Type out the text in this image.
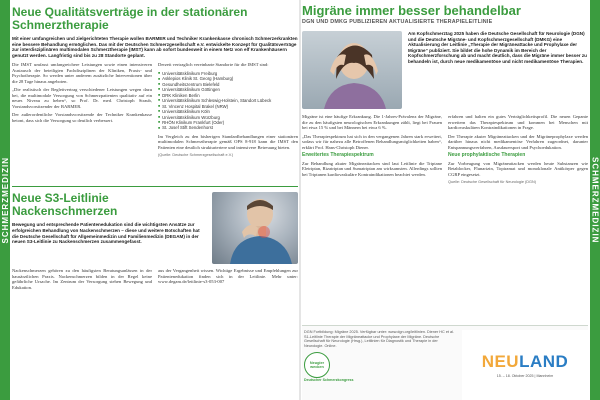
SCHMERZMEDIZIN	SCHMERZMEDIZIN
Neue Qualitätsverträge in der stationären Schmerztherapie
Mit einer umfangreichen und zielgerichteten Therapie wollen BARMER und Techniker Krankenkasse chronisch Schmerzerkrankten eine bessere Behandlung ermöglichen. Das mit der Deutschen Schmerzgesellschaft e.V. entwickelte Konzept für Qualitätsverträge zur interdisziplinären multimodalen Schmerztherapie (IMST) kann ab sofort bundesweit in einem Netz von elf Krankenhäusern genutzt werden. Langfristig sind bis zu 28 Standorte geplant.

Die IMST umfasst umfangreichere Leistungen sowie einen intensiveren Austausch der beteiligten Fachdisziplinen der Kliniken, Praxis- und Psychotherapie. So werden unter anderem zusätzliche Interventionen über die 28 Tage hinaus angeboten.

„Die realistisch der Begleitvertrag verschiedener Leistungen wegen dazu bei, die multimodale Versorgung von Schmerzpatienten qualitativ auf ein neues Niveau zu heben“, so Prof. Dr. med. Christoph Straub, Vorstandsvorsitzender der BARMER.

Der außerordentliche Vorstandsvorsitzende der Techniker Krankenkasse betont, dass sich die Versorgung so deutlich verbessert.

Derzeit vertraglich vereinbarte Standorte für die IMST sind:

■ Universitätsklinikum Freiburg
■ Asklepios Klinik St. Georg (Hamburg)
■ Gesundheitszentrum Bielefeld
■ Universitätsklinikum Göttingen
■ DRK Kliniken Berlin
■ Universitätsklinikum Schleswig-Holstein, Standort Lübeck
■ St. Vincenz Hospital Brakel (NRW)
■ Universitätsklinikum Köln
■ Universitätsklinikum Würzburg
■ RHÖN Klinikum Frankfurt (Oder)
■ St. Josef Stift Sendenhorst

Im Vergleich zu den bisherigen Standardbehandlungen einer stationären multimodalen Schmerztherapie gemäß OPS 8-918 kann die IMST den Patienten eine deutlich strukturiertere und intensivere Betreuung bieten.

(Quelle: Deutsche Schmerzgesellschaft e.V.)
Neue S3-Leitlinie Nackenschmerzen
Bewegung und entsprechende Patientenedukation sind die wichtigsten Ansätze zur erfolgreichen Behandlung von Nackenschmerzen – diese und weitere Botschaften hat die Deutsche Gesellschaft für Allgemeinmedizin und Familienmedizin (DEGAM) in der neuen S3-Leitlinie zu Nackenschmerzen zusammengefasst.

Nackenschmerzen gehören zu den häufigsten Beratungsanlässen in der hausärztlichen Praxis. Nackenschmerzen bilden in der Regel keine gefährliche Ursache. Im Zentrum der Versorgung stehen Bewegung und Edukation.

aus der Vergangenheit wissen. Wichtige Ergebnisse und Empfehlungen zur Patientenedukation finden sich in der Leitlinie. Mehr unter: www.degam.de/leitlinie-s3-053-007

Migräne immer besser behandelbar
DGN UND DMKG PUBLIZIEREN AKTUALISIERTE THERAPIELEITLINIE
Am Kopfschmerztag 2025 haben die Deutsche Gesellschaft für Neurologie (DGN) und die Deutsche Migräne- und Kopfschmerzgesellschaft (DMKG) eine Aktualisierung der Leitlinie „Therapie der Migräneattacke und Prophylaxe der Migräne“ publiziert. Sie bildet die hohe Dynamik im Bereich der Kopfschmerzforschung ab und macht deutlich, dass die Migräne immer besser zu behandeln ist, durch neue medikamentöse und nicht medikamentöse Therapien.

Migräne ist eine häufige Erkrankung. Die 1-Jahres-Prävalenz der Migräne, die zu den häufigsten neurologischen Erkrankungen zählt, liegt bei Frauen bei etwa 15 % und bei Männern bei etwa 6 %.

„Das Therapiespektrum hat sich in den vergangenen Jahren stark erweitert, sodass wir für nahezu alle Betroffenen Behandlungsmöglichkeiten haben“, erklärt Prof. Hans-Christoph Diener.

Erweitertes Therapiespektrum

Zur Behandlung akuter Migräneattacken sind laut Leitlinie die Triptane Eletriptan, Rizatriptan und Sumatriptan am wirksamsten. Allerdings sollten bei Triptanen kardiovaskuläre Kontraindikationen beachtet werden.

erfahren und halten ein gutes Verträglichkeitsprofil. Die neuen Gepante erweitern das Therapiespektrum und kommen bei Menschen mit kardiovaskulären Kontraindikationen in Frage.

Der Therapie akuter Migräneattacken und der Migräneprophylaxe werden darüber hinaus nicht medikamentöse Verfahren zugeordnet, darunter Entspannungsverfahren, Ausdauersport und Psychoedukation.

Neue prophylaktische Therapien

Zur Vorbeugung von Migräneattacken werden heute Substanzen wie Betablocker, Flunarizin, Topiramat und monoklonale Antikörper gegen CGRP eingesetzt.

Quelle: Deutsche Gesellschaft für Neurologie (DGN)
DGN Fortbildung: Migräne 2025. Verfügbar unter: www.dgn.org/leitlinien. Diener HC et al. S1-Leitlinie Therapie der Migräneattacke und Prophylaxe der Migräne. Deutsche Gesellschaft für Neurologie (Hrsg.), Leitlinien für Diagnostik und Therapie in der Neurologie. Online.
Neugier wecken
Deutscher Schmerzkongress
NEULAND
15. – 18. Oktober 2025 | Mannheim
